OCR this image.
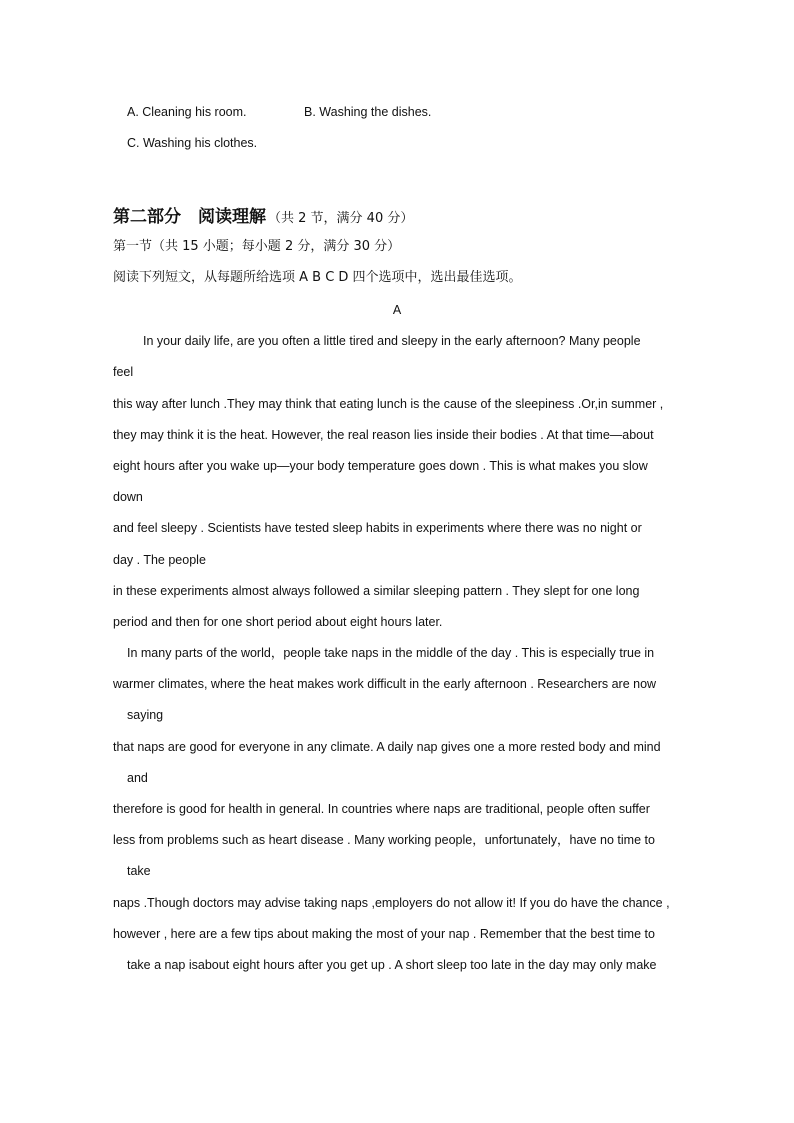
A. Cleaning his room.	B. Washing the dishes.
C. Washing his clothes.
第二部分　阅读理解 （共 2 节，满分 40 分）
第一节（共 15 小题；每小题 2 分，满分 30 分）
阅读下列短文，从每题所给选项 A B C D 四个选项中，选出最佳选项。
A
In your daily life, are you often a little tired and sleepy in the early afternoon? Many people
feel
this way after lunch .They may think that eating lunch is the cause of the sleepiness .Or,in summer ,
they may think it is the heat. However, the real reason lies inside their bodies . At that time—about
eight hours after you wake up—your body temperature goes down . This is what makes you slow
down
and feel sleepy . Scientists have tested sleep habits in experiments where there was no night or
day . The people
in these experiments almost always followed a similar sleeping pattern . They slept for one long
period and then for one short period about eight hours later.
In many parts of the world，people take naps in the middle of the day . This is especially true in
warmer climates, where the heat makes work difficult in the early afternoon . Researchers are now
saying
that naps are good for everyone in any climate. A daily nap gives one a more rested body and mind
and
therefore is good for health in general. In countries where naps are traditional, people often suffer
less from problems such as heart disease . Many working people，unfortunately，have no time to
take
naps .Though doctors may advise taking naps ,employers do not allow it! If you do have the chance ,
however , here are a few tips about making the most of your nap . Remember that the best time to
take a nap isabout eight hours after you get up . A short sleep too late in the day may only make
